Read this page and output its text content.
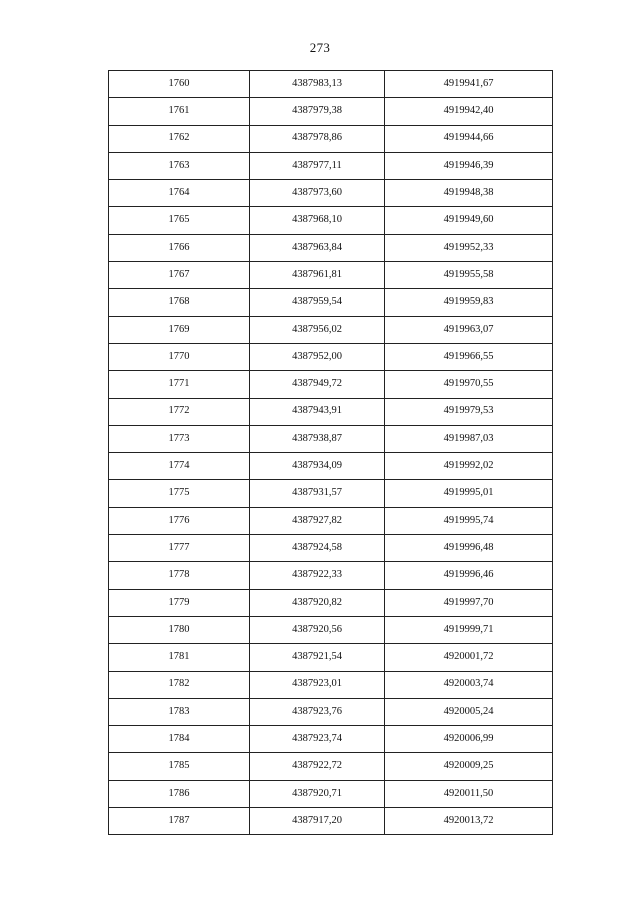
273
1760	4387983,13	4919941,67
1761	4387979,38	4919942,40
1762	4387978,86	4919944,66
1763	4387977,11	4919946,39
1764	4387973,60	4919948,38
1765	4387968,10	4919949,60
1766	4387963,84	4919952,33
1767	4387961,81	4919955,58
1768	4387959,54	4919959,83
1769	4387956,02	4919963,07
1770	4387952,00	4919966,55
1771	4387949,72	4919970,55
1772	4387943,91	4919979,53
1773	4387938,87	4919987,03
1774	4387934,09	4919992,02
1775	4387931,57	4919995,01
1776	4387927,82	4919995,74
1777	4387924,58	4919996,48
1778	4387922,33	4919996,46
1779	4387920,82	4919997,70
1780	4387920,56	4919999,71
1781	4387921,54	4920001,72
1782	4387923,01	4920003,74
1783	4387923,76	4920005,24
1784	4387923,74	4920006,99
1785	4387922,72	4920009,25
1786	4387920,71	4920011,50
1787	4387917,20	4920013,72
